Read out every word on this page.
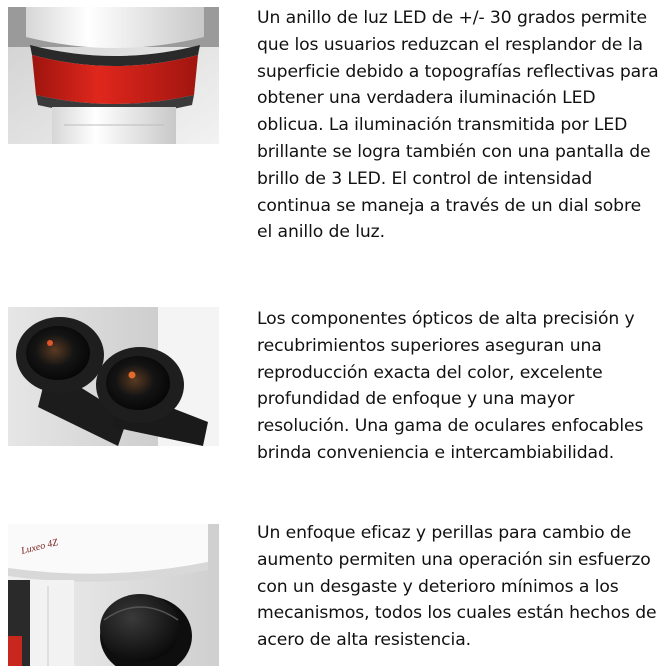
Un anillo de luz LED de +/- 30 grados permite que los usuarios reduzcan el resplandor de la superficie debido a topografías reflectivas para obtener una verdadera iluminación LED oblicua. La iluminación transmitida por LED brillante se logra también con una pantalla de brillo de 3 LED. El control de intensidad continua se maneja a través de un dial sobre el anillo de luz.

Los componentes ópticos de alta precisión y recubrimientos superiores aseguran una reproducción exacta del color, excelente profundidad de enfoque y una mayor resolución. Una gama de oculares enfocables brinda conveniencia e intercambiabilidad.

Luxeo 4Z

Un enfoque eficaz y perillas para cambio de aumento permiten una operación sin esfuerzo con un desgaste y deterioro mínimos a los mecanismos, todos los cuales están hechos de acero de alta resistencia.
